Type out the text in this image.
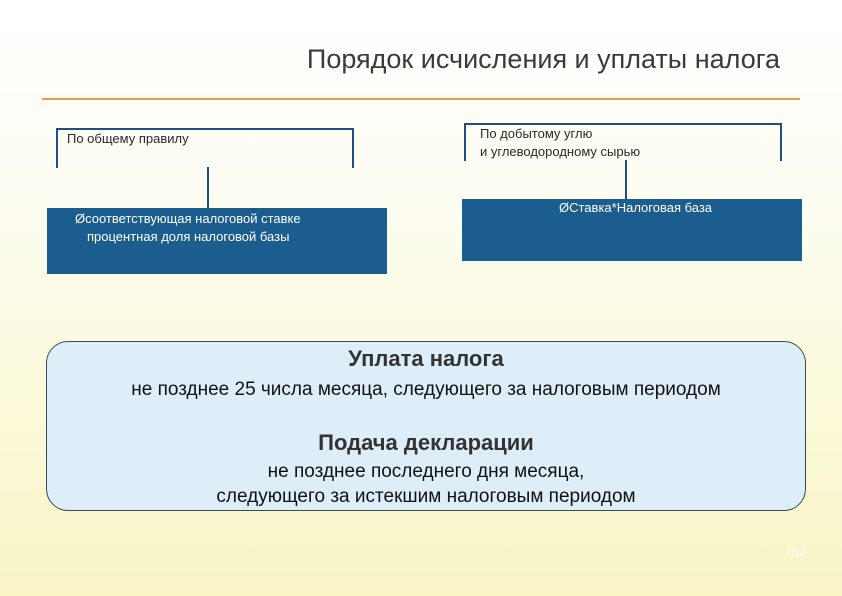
Порядок исчисления и уплаты налога
По общему правилу
Øсоответствующая налоговой ставке
процентная доля налоговой базы
По добытому углю
и углеводородному сырью
ØСтавка*Налоговая база
Уплата налога
не позднее 25 числа месяца, следующего за налоговым периодом
Подача декларации
не позднее последнего дня месяца,
следующего за истекшим налоговым периодом
1/14
